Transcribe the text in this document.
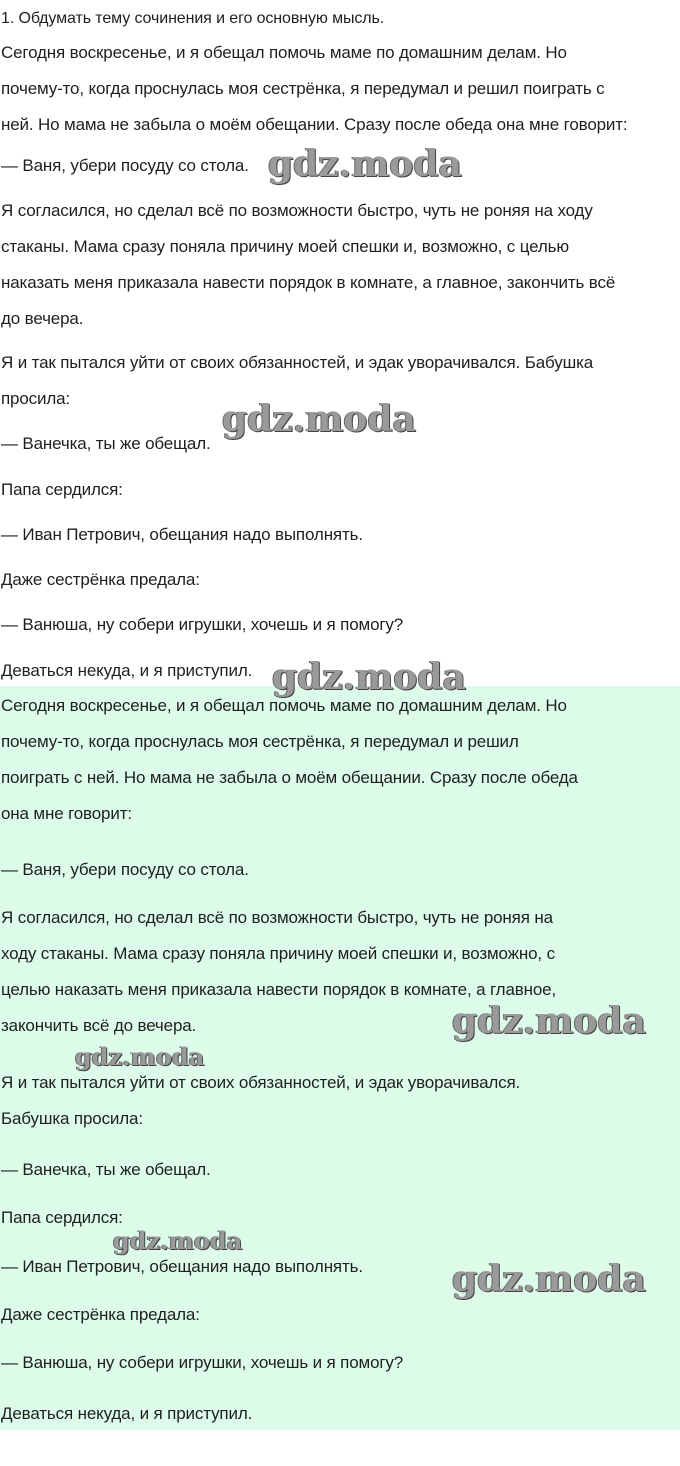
1. Обдумать тему сочинения и его основную мысль.
Сегодня воскресенье, и я обещал помочь маме по домашним делам. Но
почему-то, когда проснулась моя сестрёнка, я передумал и решил поиграть с
ней. Но мама не забыла о моём обещании. Сразу после обеда она мне говорит:
— Ваня, убери посуду со стола.
Я согласился, но сделал всё по возможности быстро, чуть не роняя на ходу
стаканы. Мама сразу поняла причину моей спешки и, возможно, с целью
наказать меня приказала навести порядок в комнате, а главное, закончить всё
до вечера.
Я и так пытался уйти от своих обязанностей, и эдак уворачивался. Бабушка
просила:
— Ванечка, ты же обещал.
Папа сердился:
— Иван Петрович, обещания надо выполнять.
Даже сестрёнка предала:
— Ванюша, ну собери игрушки, хочешь и я помогу?
Деваться некуда, и я приступил.
Сегодня воскресенье, и я обещал помочь маме по домашним делам. Но
почему-то, когда проснулась моя сестрёнка, я передумал и решил
поиграть с ней. Но мама не забыла о моём обещании. Сразу после обеда
она мне говорит:
— Ваня, убери посуду со стола.
Я согласился, но сделал всё по возможности быстро, чуть не роняя на
ходу стаканы. Мама сразу поняла причину моей спешки и, возможно, с
целью наказать меня приказала навести порядок в комнате, а главное,
закончить всё до вечера.
Я и так пытался уйти от своих обязанностей, и эдак уворачивался.
Бабушка просила:
— Ванечка, ты же обещал.
Папа сердился:
— Иван Петрович, обещания надо выполнять.
Даже сестрёнка предала:
— Ванюша, ну собери игрушки, хочешь и я помогу?
Деваться некуда, и я приступил.
gdz.moda
gdz.moda
gdz.moda
gdz.moda
gdz.moda
gdz.moda
gdz.moda
